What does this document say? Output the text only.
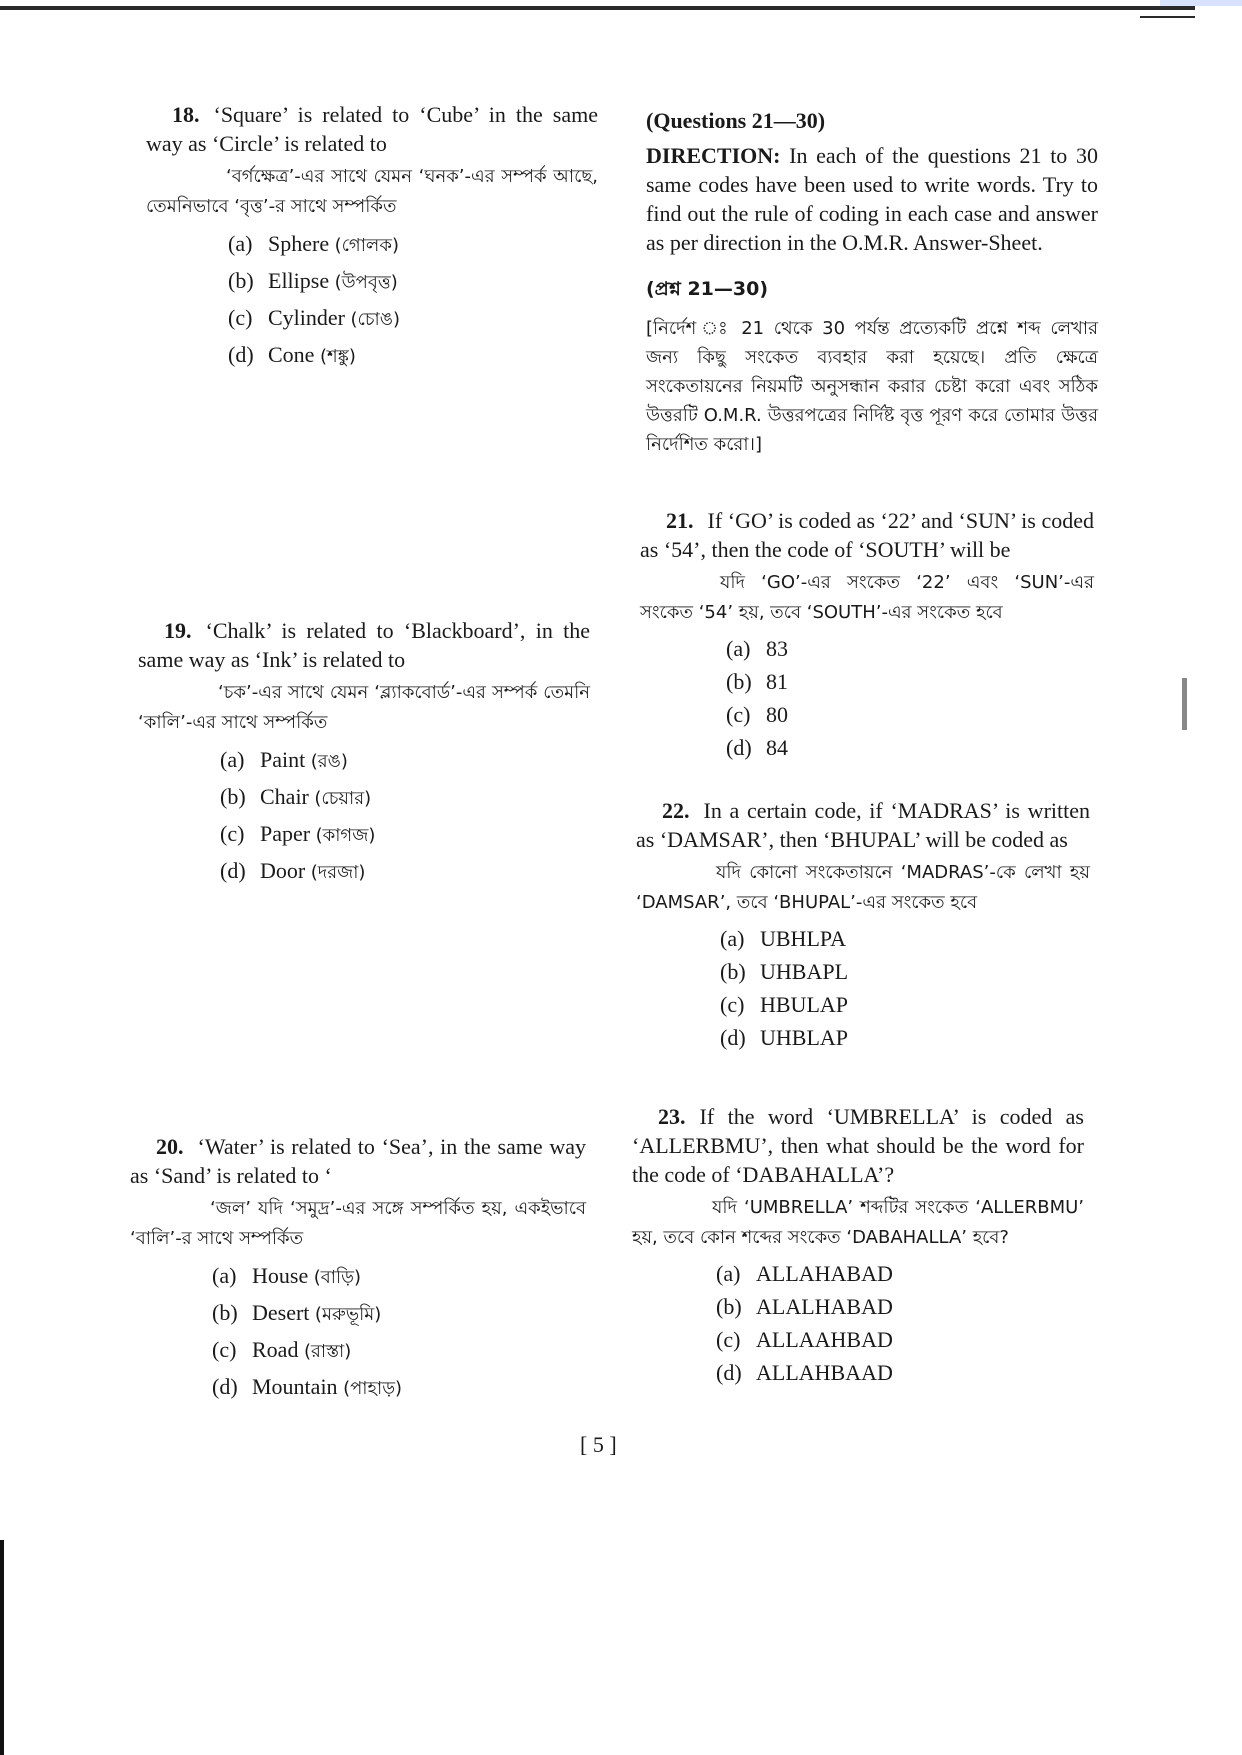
18. ‘Square’ is related to ‘Cube’ in the same way as ‘Circle’ is related to

‘বর্গক্ষেত্র’-এর সাথে যেমন ‘ঘনক’-এর সম্পর্ক আছে, তেমনিভাবে ‘বৃত্ত’-র সাথে সম্পর্কিত

(a) Sphere (গোলক)
(b) Ellipse (উপবৃত্ত)
(c) Cylinder (চোঙ)
(d) Cone (শঙ্কু)

19. ‘Chalk’ is related to ‘Blackboard’, in the same way as ‘Ink’ is related to

‘চক’-এর সাথে যেমন ‘ব্ল্যাকবোর্ড’-এর সম্পর্ক তেমনি ‘কালি’-এর সাথে সম্পর্কিত

(a) Paint (রঙ)
(b) Chair (চেয়ার)
(c) Paper (কাগজ)
(d) Door (দরজা)

20. ‘Water’ is related to ‘Sea’, in the same way as ‘Sand’ is related to ‘

‘জল’ যদি ‘সমুদ্র’-এর সঙ্গে সম্পর্কিত হয়, একইভাবে ‘বালি’-র সাথে সম্পর্কিত

(a) House (বাড়ি)
(b) Desert (মরুভূমি)
(c) Road (রাস্তা)
(d) Mountain (পাহাড়)

(Questions 21—30)

DIRECTION: In each of the questions 21 to 30 same codes have been used to write words. Try to find out the rule of coding in each case and answer as per direction in the O.M.R. Answer-Sheet.

(প্রশ্ন 21—30)

[নির্দেশ ঃ 21 থেকে 30 পর্যন্ত প্রত্যেকটি প্রশ্নে শব্দ লেখার জন্য কিছু সংকেত ব্যবহার করা হয়েছে। প্রতি ক্ষেত্রে সংকেতায়নের নিয়মটি অনুসন্ধান করার চেষ্টা করো এবং সঠিক উত্তরটি O.M.R. উত্তরপত্রের নির্দিষ্ট বৃত্ত পূরণ করে তোমার উত্তর নির্দেশিত করো।]

21. If ‘GO’ is coded as ‘22’ and ‘SUN’ is coded as ‘54’, then the code of ‘SOUTH’ will be

যদি ‘GO’-এর সংকেত ‘22’ এবং ‘SUN’-এর সংকেত ‘54’ হয়, তবে ‘SOUTH’-এর সংকেত হবে

(a) 83
(b) 81
(c) 80
(d) 84

22. In a certain code, if ‘MADRAS’ is written as ‘DAMSAR’, then ‘BHUPAL’ will be coded as

যদি কোনো সংকেতায়নে ‘MADRAS’-কে লেখা হয় ‘DAMSAR’, তবে ‘BHUPAL’-এর সংকেত হবে

(a) UBHLPA
(b) UHBAPL
(c) HBULAP
(d) UHBLAP

23. If the word ‘UMBRELLA’ is coded as ‘ALLERBMU’, then what should be the word for the code of ‘DABAHALLA’?

যদি ‘UMBRELLA’ শব্দটির সংকেত ‘ALLERBMU’ হয়, তবে কোন শব্দের সংকেত ‘DABAHALLA’ হবে?

(a) ALLAHABAD
(b) ALALHABAD
(c) ALLAAHBAD
(d) ALLAHBAAD
[ 5 ]
